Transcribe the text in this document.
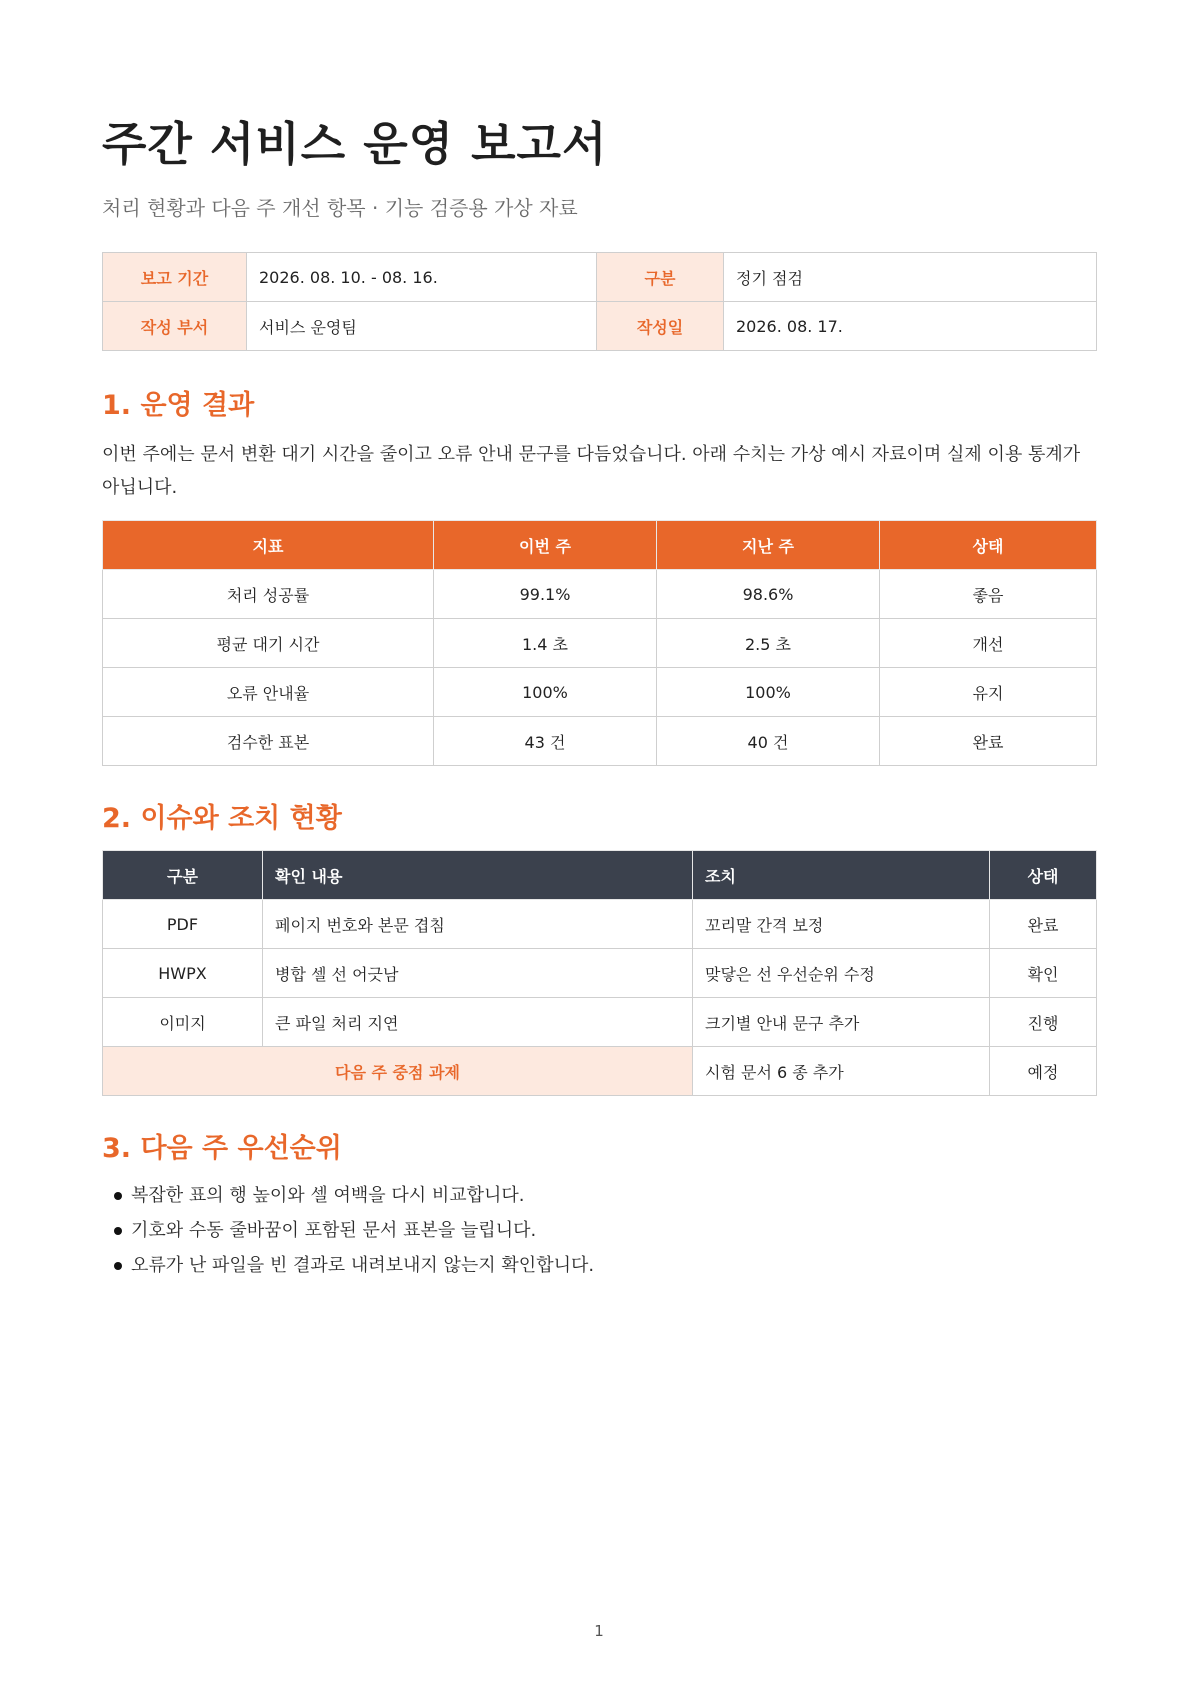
주간 서비스 운영 보고서
처리 현황과 다음 주 개선 항목 · 기능 검증용 가상 자료
보고 기간	2026. 08. 10. - 08. 16.	구분	정기 점검
작성 부서	서비스 운영팀	작성일	2026. 08. 17.
1. 운영 결과
이번 주에는 문서 변환 대기 시간을 줄이고 오류 안내 문구를 다듬었습니다. 아래 수치는 가상 예시 자료이며 실제 이용 통계가 아닙니다.
지표	이번 주	지난 주	상태
처리 성공률	99.1%	98.6%	좋음
평균 대기 시간	1.4 초	2.5 초	개선
오류 안내율	100%	100%	유지
검수한 표본	43 건	40 건	완료
2. 이슈와 조치 현황
구분	확인 내용	조치	상태
PDF	페이지 번호와 본문 겹침	꼬리말 간격 보정	완료
HWPX	병합 셀 선 어긋남	맞닿은 선 우선순위 수정	확인
이미지	큰 파일 처리 지연	크기별 안내 문구 추가	진행
다음 주 중점 과제		시험 문서 6 종 추가	예정
3. 다음 주 우선순위
복잡한 표의 행 높이와 셀 여백을 다시 비교합니다.
기호와 수동 줄바꿈이 포함된 문서 표본을 늘립니다.
오류가 난 파일을 빈 결과로 내려보내지 않는지 확인합니다.
1
